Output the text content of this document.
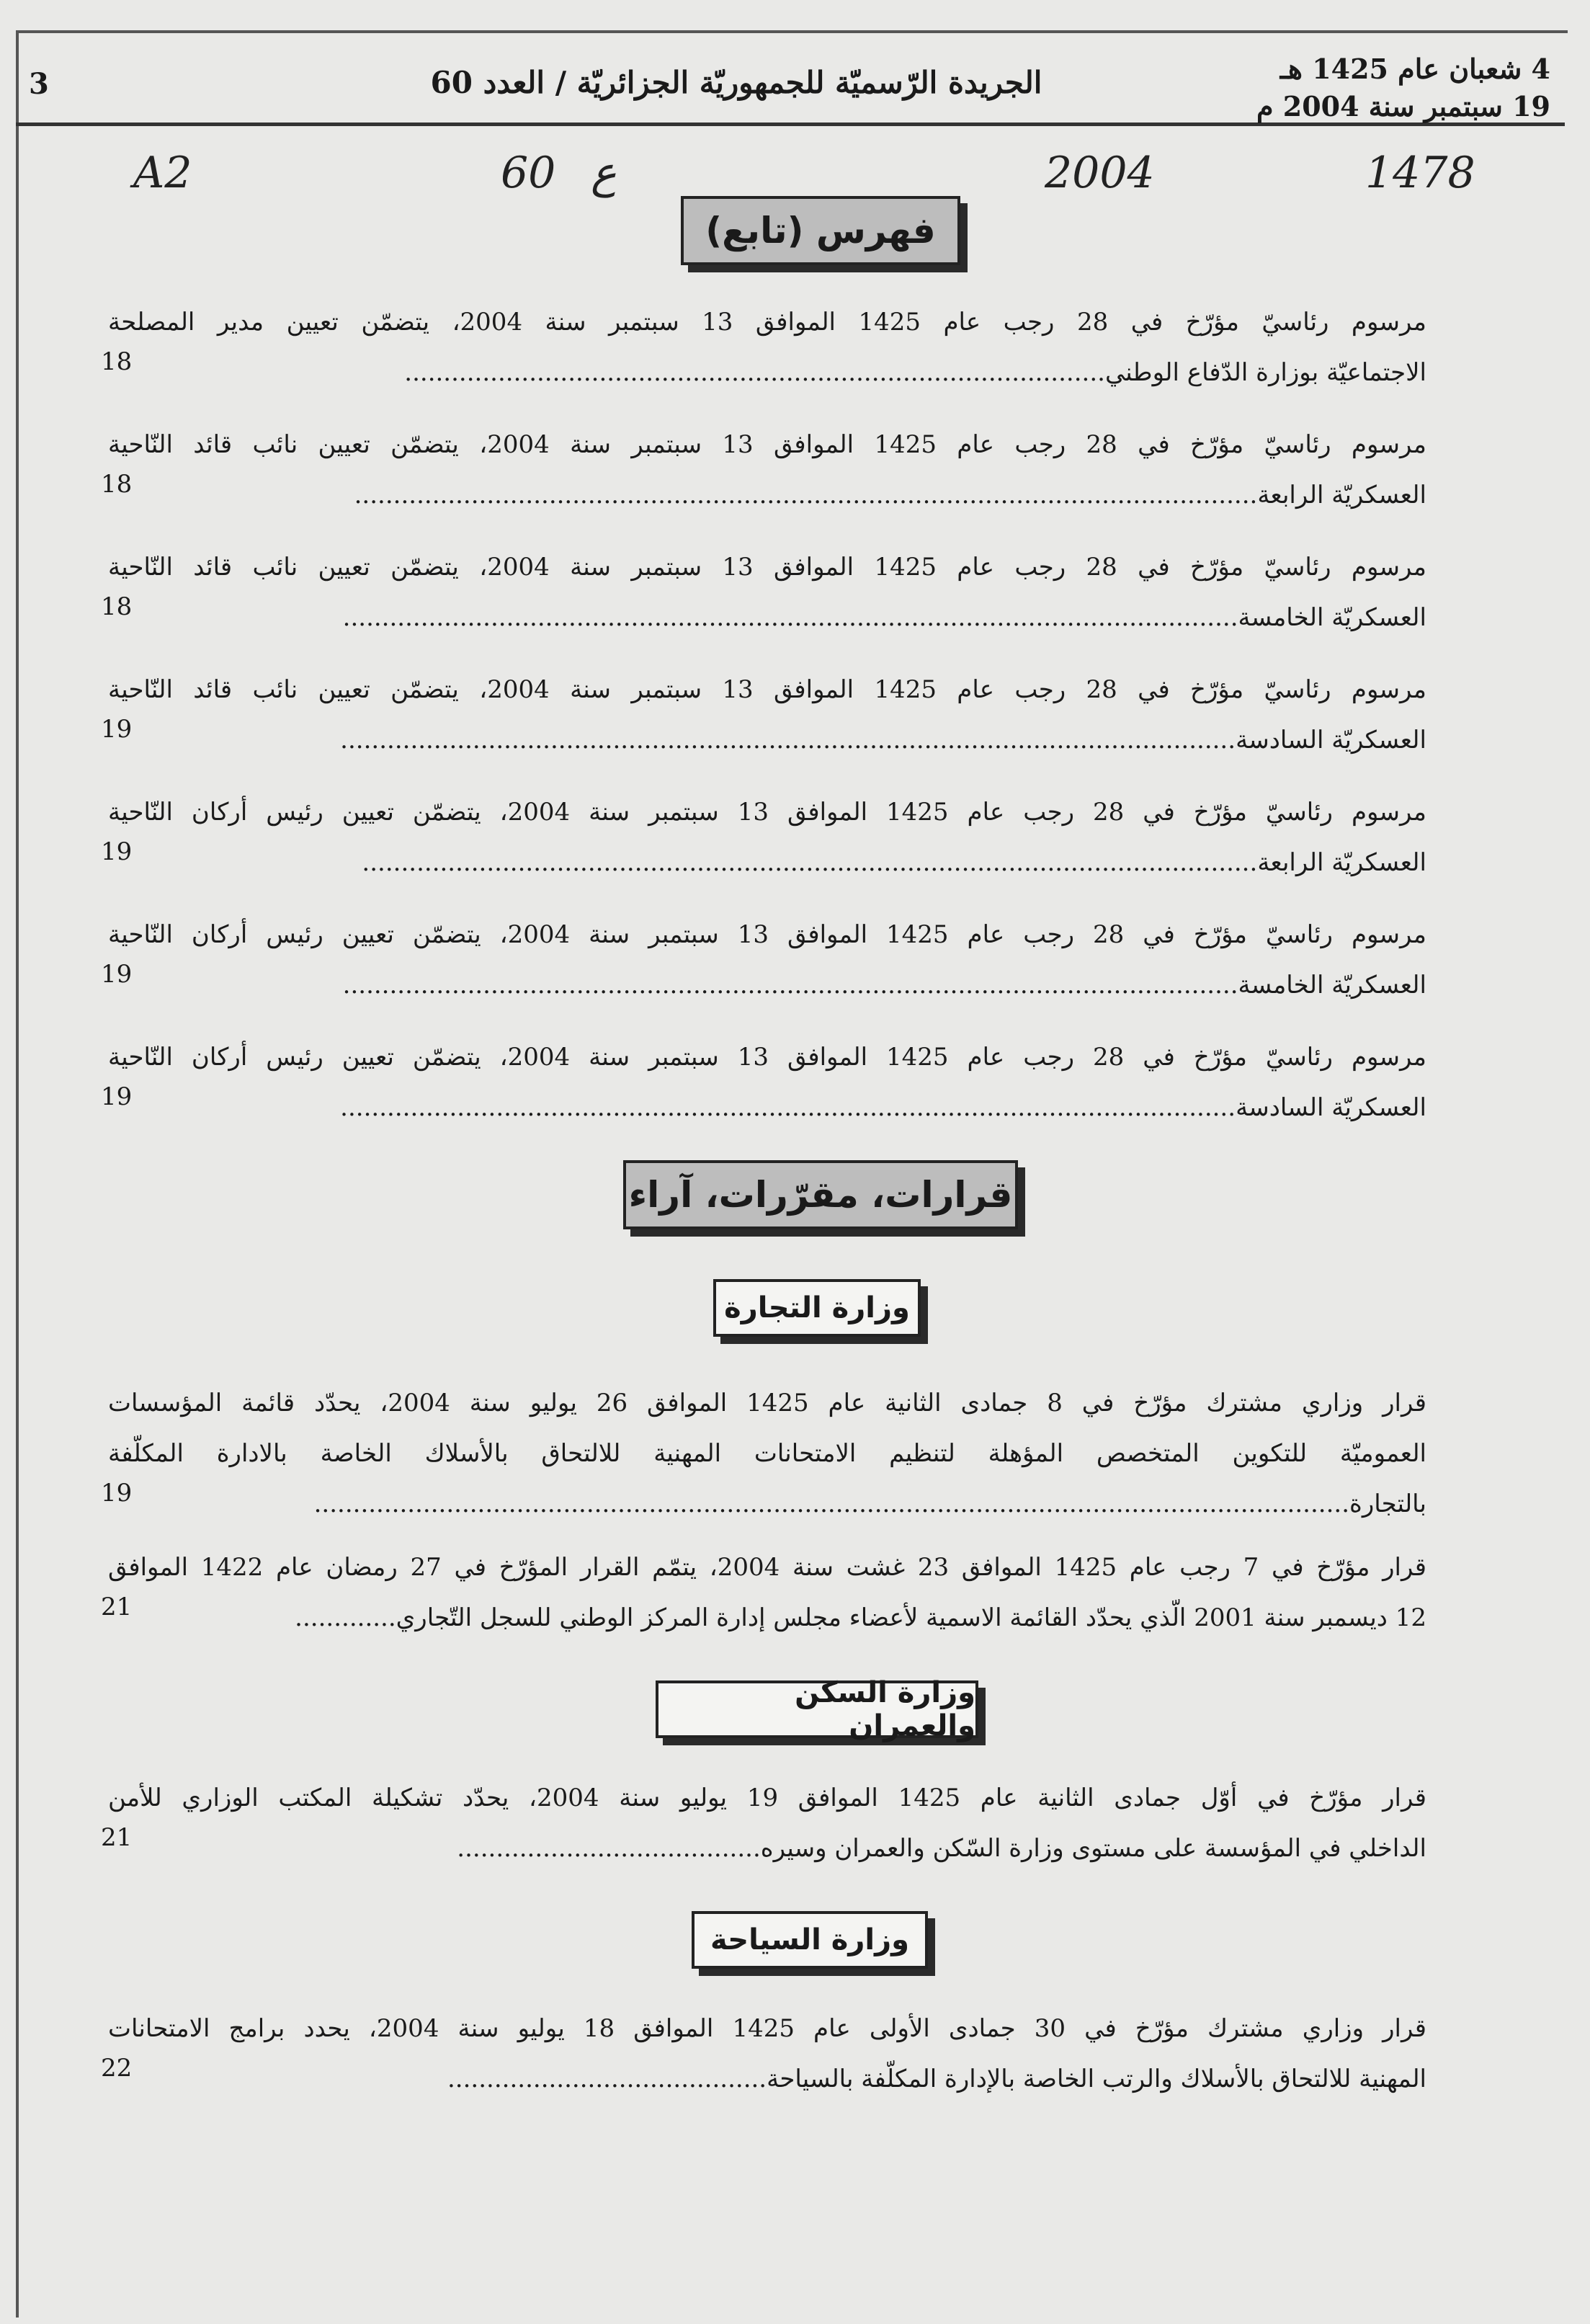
3	الجريدة الرّسميّة للجمهوريّة الجزائريّة / العدد 60	4 شعبان عام 1425 هـ
19 سبتمبر سنة 2004 م
A2	60 ع	2004	1478
فهرس (تابع)
مرسوم رئاسيّ مؤرّخ في 28 رجب عام 1425 الموافق 13 سبتمبر سنة 2004، يتضمّن تعيين مدير المصلحة
الاجتماعيّة بوزارة الدّفاع الوطني..........................................................................................
18
مرسوم رئاسيّ مؤرّخ في 28 رجب عام 1425 الموافق 13 سبتمبر سنة 2004، يتضمّن تعيين نائب قائد النّاحية
العسكريّة الرابعة....................................................................................................................
18
مرسوم رئاسيّ مؤرّخ في 28 رجب عام 1425 الموافق 13 سبتمبر سنة 2004، يتضمّن تعيين نائب قائد النّاحية
العسكريّة الخامسة...................................................................................................................
18
مرسوم رئاسيّ مؤرّخ في 28 رجب عام 1425 الموافق 13 سبتمبر سنة 2004، يتضمّن تعيين نائب قائد النّاحية
العسكريّة السادسة...................................................................................................................
19
مرسوم رئاسيّ مؤرّخ في 28 رجب عام 1425 الموافق 13 سبتمبر سنة 2004، يتضمّن تعيين رئيس أركان النّاحية
العسكريّة الرابعة...................................................................................................................
19
مرسوم رئاسيّ مؤرّخ في 28 رجب عام 1425 الموافق 13 سبتمبر سنة 2004، يتضمّن تعيين رئيس أركان النّاحية
العسكريّة الخامسة...................................................................................................................
19
مرسوم رئاسيّ مؤرّخ في 28 رجب عام 1425 الموافق 13 سبتمبر سنة 2004، يتضمّن تعيين رئيس أركان النّاحية
العسكريّة السادسة...................................................................................................................
19
قرارات، مقرّرات، آراء
وزارة التجارة
قرار وزاري مشترك مؤرّخ في 8 جمادى الثانية عام 1425 الموافق 26 يوليو سنة 2004، يحدّد قائمة المؤسسات
العموميّة للتكوين المتخصص المؤهلة لتنظيم الامتحانات المهنية للالتحاق بالأسلاك الخاصة بالادارة المكلّفة
بالتجارة.....................................................................................................................................
19
قرار مؤرّخ في 7 رجب عام 1425 الموافق 23 غشت سنة 2004، يتمّم القرار المؤرّخ في 27 رمضان عام 1422 الموافق
12 ديسمبر سنة 2001 الّذي يحدّد القائمة الاسمية لأعضاء مجلس إدارة المركز الوطني للسجل التّجاري.............
21
وزارة السكن والعمران
قرار مؤرّخ في أوّل جمادى الثانية عام 1425 الموافق 19 يوليو سنة 2004، يحدّد تشكيلة المكتب الوزاري للأمن
الداخلي في المؤسسة على مستوى وزارة السّكن والعمران وسيره.......................................
21
وزارة السياحة
قرار وزاري مشترك مؤرّخ في 30 جمادى الأولى عام 1425 الموافق 18 يوليو سنة 2004، يحدد برامج الامتحانات
المهنية للالتحاق بالأسلاك والرتب الخاصة بالإدارة المكلّفة بالسياحة.........................................
22
